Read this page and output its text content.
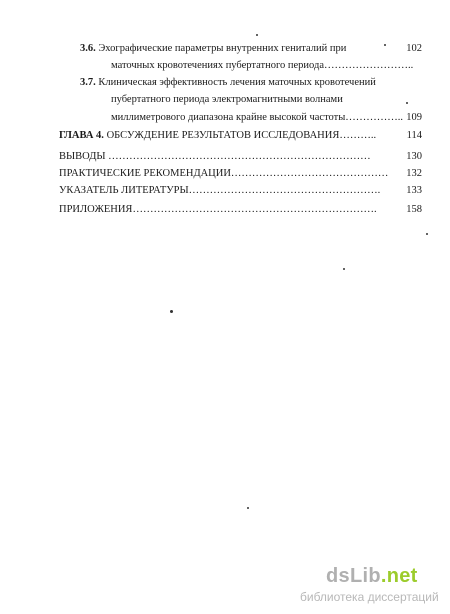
3.6. Эхографические параметры внутренних гениталий при	102
маточных кровотечениях пубертатного периода……………………..
3.7. Клиническая эффективность лечения маточных кровотечений
пубертатного периода электромагнитными волнами
миллиметрового диапазона крайне высокой частоты…………….. 109
ГЛАВА 4. ОБСУЖДЕНИЕ РЕЗУЛЬТАТОВ ИССЛЕДОВАНИЯ………..	114
ВЫВОДЫ …………………………………………………………………	130
ПРАКТИЧЕСКИЕ РЕКОМЕНДАЦИИ………………………………………	132
УКАЗАТЕЛЬ ЛИТЕРАТУРЫ……………………………………………….	133
ПРИЛОЖЕНИЯ…………………………………………………………….	158
dsLib.net
библиотека диссертаций
